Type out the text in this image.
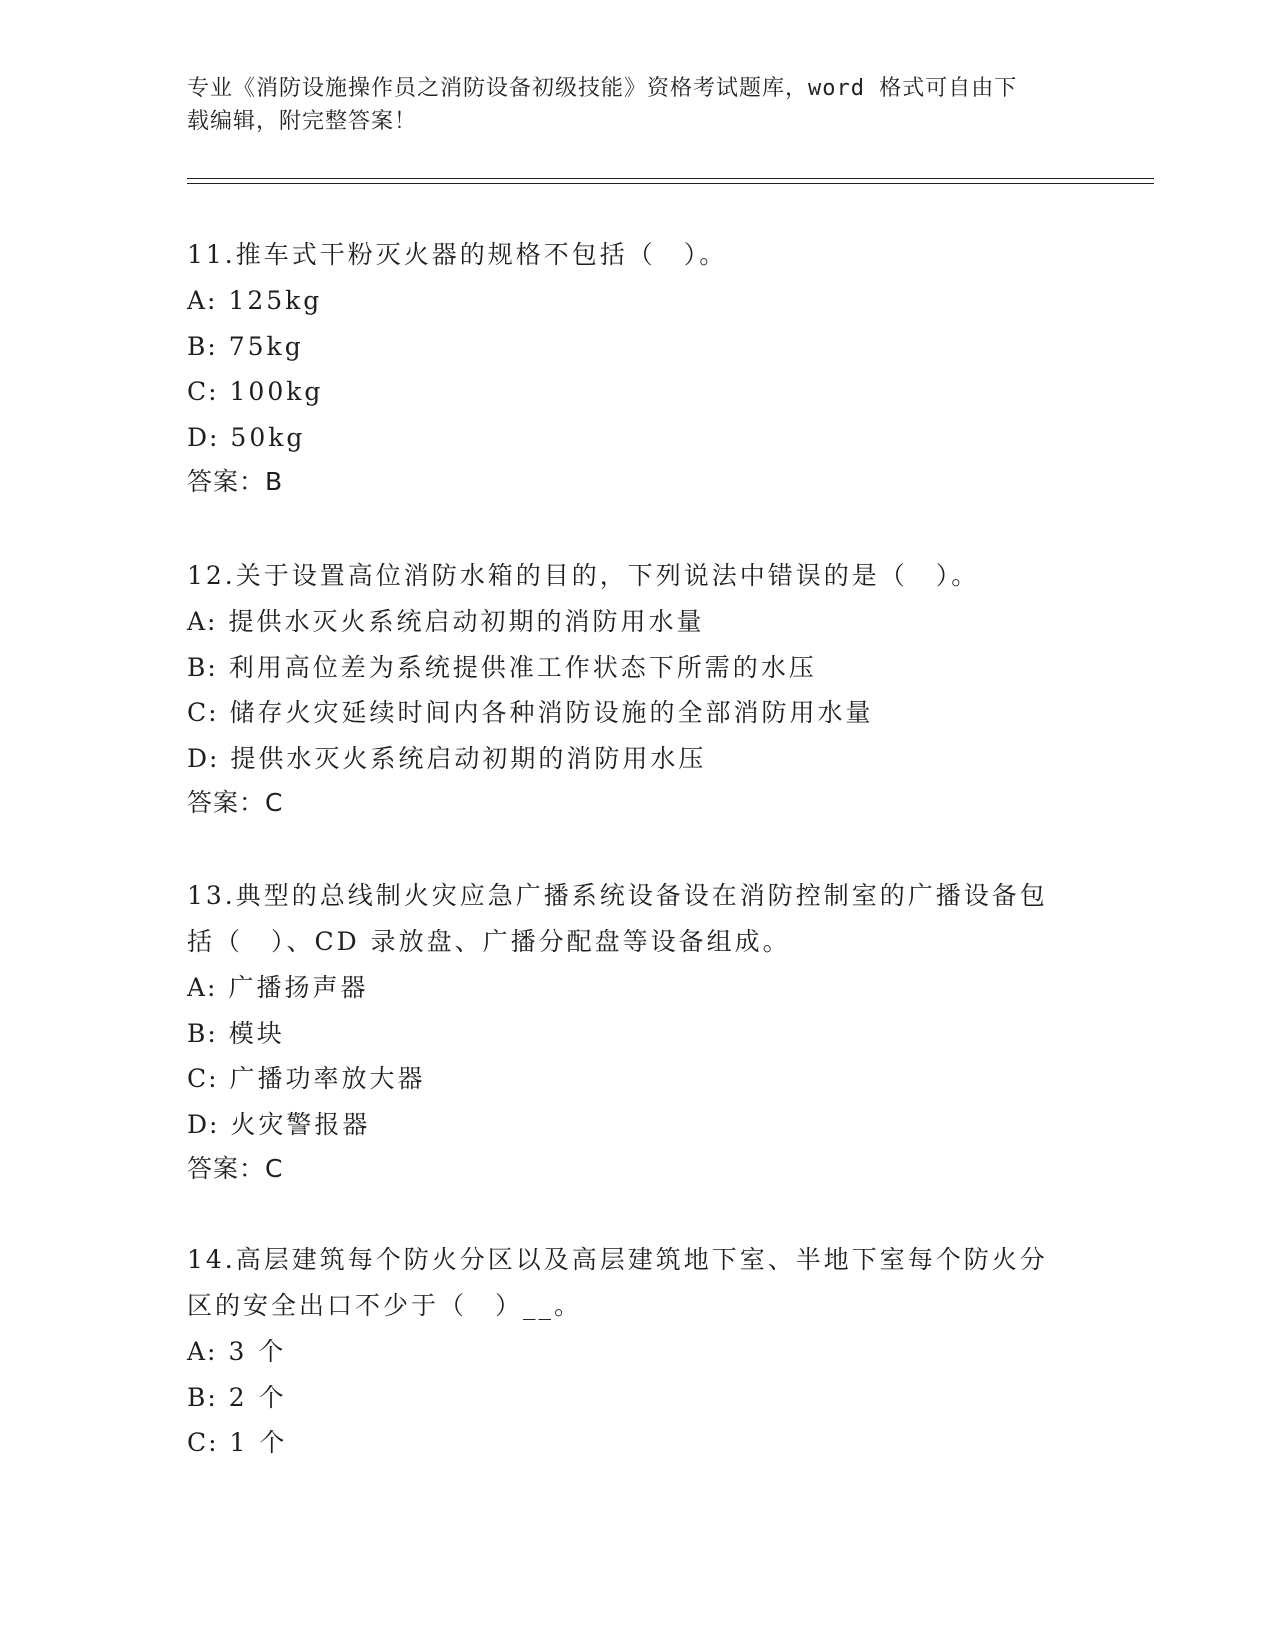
专业《消防设施操作员之消防设备初级技能》资格考试题库，word 格式可自由下
载编辑，附完整答案！
11.推车式干粉灭火器的规格不包括（　）。
A: 125kg
B: 75kg
C: 100kg
D: 50kg
答案：B
12.关于设置高位消防水箱的目的，下列说法中错误的是（　）。
A: 提供水灭火系统启动初期的消防用水量
B: 利用高位差为系统提供准工作状态下所需的水压
C: 储存火灾延续时间内各种消防设施的全部消防用水量
D: 提供水灭火系统启动初期的消防用水压
答案：C
13.典型的总线制火灾应急广播系统设备设在消防控制室的广播设备包
括（　）、CD 录放盘、广播分配盘等设备组成。
A: 广播扬声器
B: 模块
C: 广播功率放大器
D: 火灾警报器
答案：C
14.高层建筑每个防火分区以及高层建筑地下室、半地下室每个防火分
区的安全出口不少于（　）__。
A: 3 个
B: 2 个
C: 1 个
